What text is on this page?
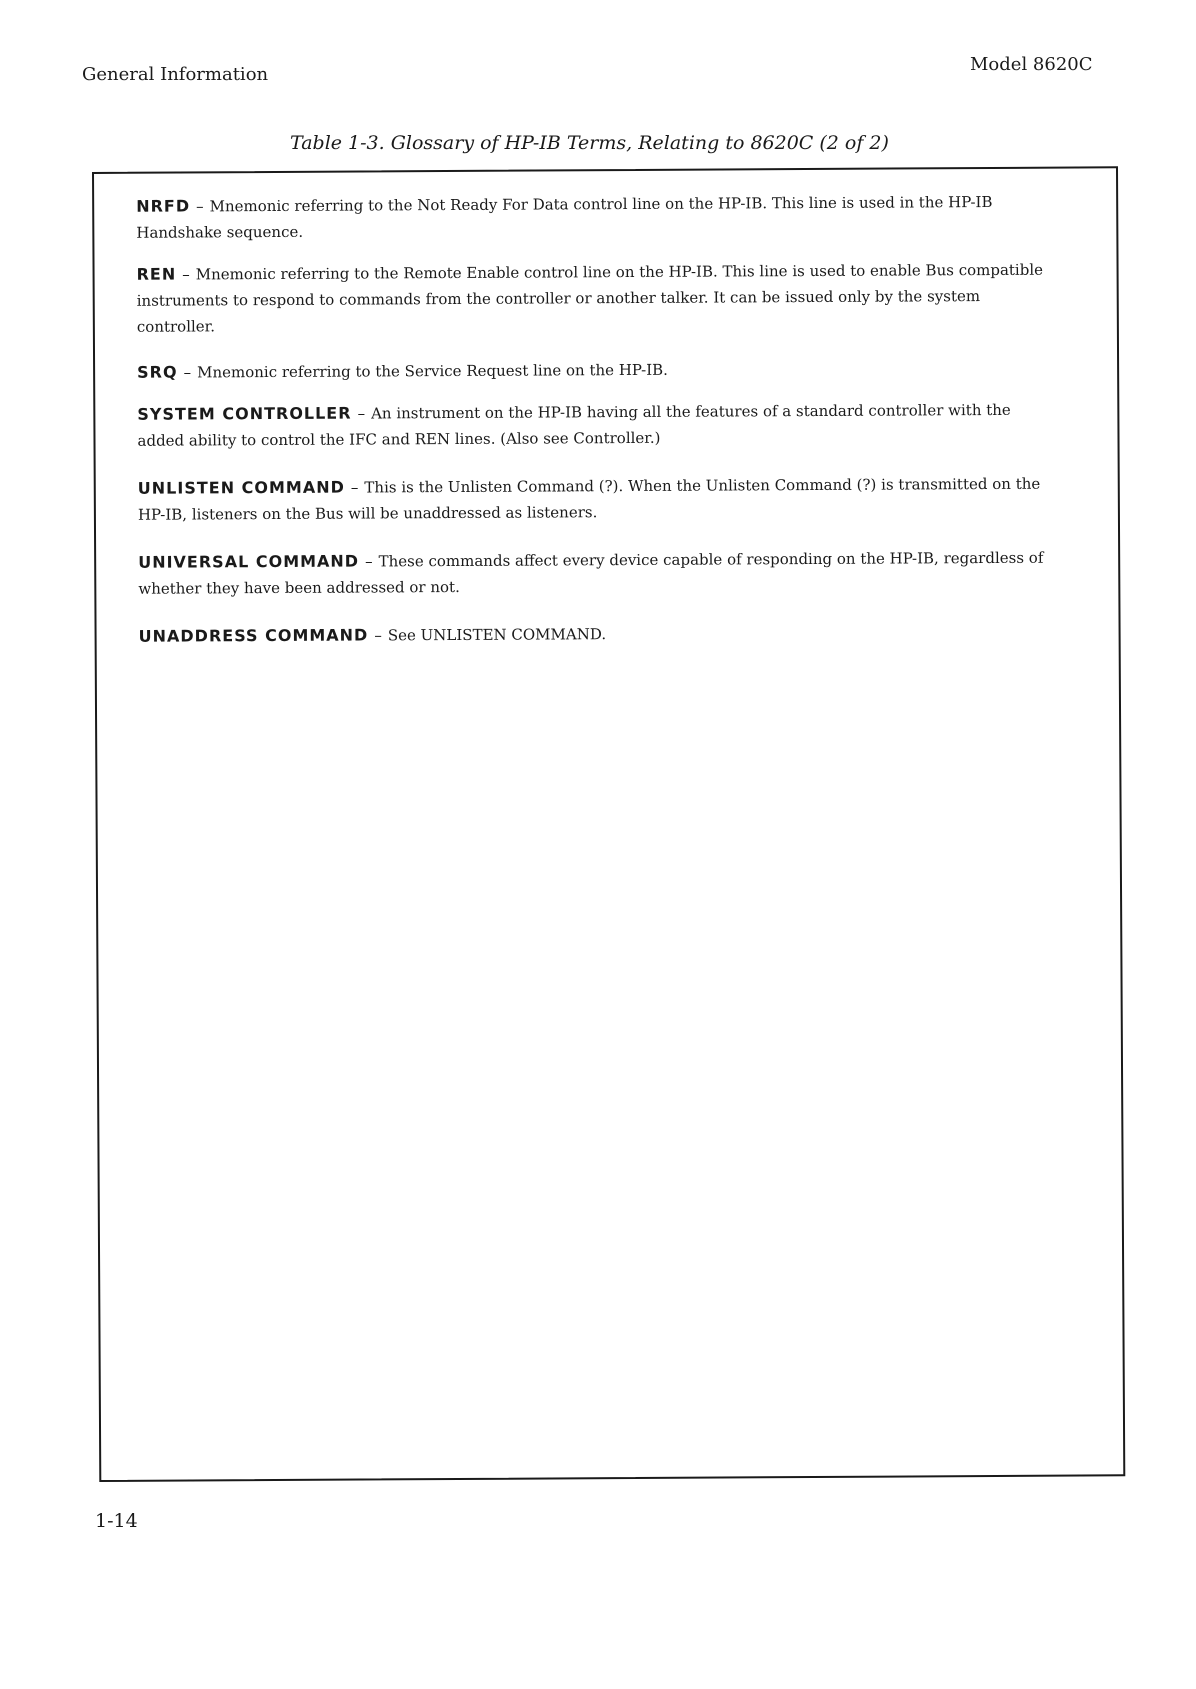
General Information	Model 8620C
Table 1-3. Glossary of HP-IB Terms, Relating to 8620C (2 of 2)
NRFD – Mnemonic referring to the Not Ready For Data control line on the HP-IB. This line is used in the HP-IB Handshake sequence.
REN – Mnemonic referring to the Remote Enable control line on the HP-IB. This line is used to enable Bus compatible instruments to respond to commands from the controller or another talker. It can be issued only by the system controller.
SRQ – Mnemonic referring to the Service Request line on the HP-IB.
SYSTEM CONTROLLER – An instrument on the HP-IB having all the features of a standard controller with the added ability to control the IFC and REN lines. (Also see Controller.)
UNLISTEN COMMAND – This is the Unlisten Command (?). When the Unlisten Command (?) is transmitted on the HP-IB, listeners on the Bus will be unaddressed as listeners.
UNIVERSAL COMMAND – These commands affect every device capable of responding on the HP-IB, regardless of whether they have been addressed or not.
UNADDRESS COMMAND – See UNLISTEN COMMAND.
1-14
